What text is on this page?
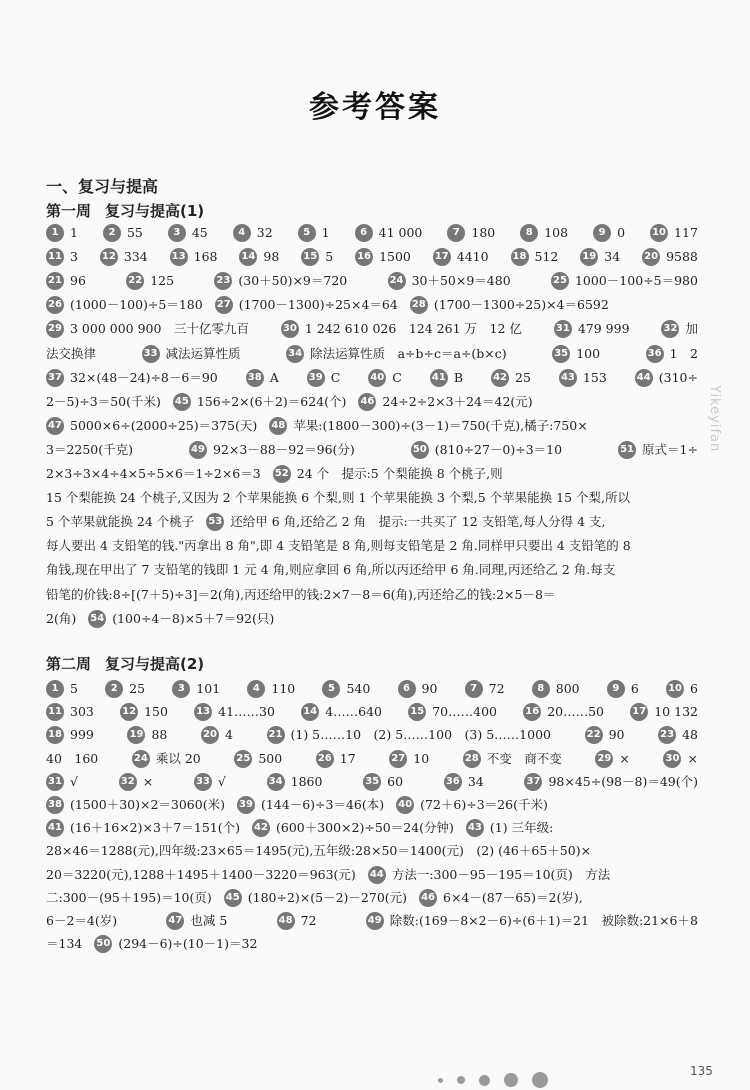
参考答案
一、复习与提高
第一周 复习与提高(1)
1 1	2 55	3 45	4 32	5 1	6 41 000	7 180	8 108	9 0	10 117
11 3 12 334 13 168 14 98 15 5 16 1500 17 4410 18 512 19 34 20 9588
21 96	22 125	23 (30＋50)×9＝720	24 30＋50×9＝480	25 1000－100÷5＝980
26 (1000－100)÷5＝180 27 (1700－1300)÷25×4＝64 28 (1700－1300÷25)×4＝6592
29 3 000 000 900　三十亿零九百	30 1 242 610 026　124 261 万　12 亿	31 479 999	32 加
法交换律	33 减法运算性质	34 除法运算性质　a÷b÷c＝a÷(b×c)	35 100	36 1　2
37 32×(48－24)÷8－6＝90	38 A	39 C	40 C	41 B	42 25	43 153	44 (310÷
2－5)÷3＝50(千米) 45 156÷2×(6＋2)＝624(个) 46 24÷2÷2×3＋24＝42(元)
47 5000×6÷(2000÷25)＝375(天) 48 苹果:(1800－300)÷(3－1)＝750(千克),橘子:750×
3＝2250(千克)	49 92×3－88－92＝96(分)	50 (810÷27－0)÷3＝10	51 原式＝1÷
2×3÷3×4÷4×5÷5×6＝1÷2×6＝3 52 24 个　提示:5 个梨能换 8 个桃子,则
15 个梨能换 24 个桃子,又因为 2 个苹果能换 6 个梨,则 1 个苹果能换 3 个梨,5 个苹果能换 15 个梨,所以
5 个苹果就能换 24 个桃子 53 还给甲 6 角,还给乙 2 角　提示:一共买了 12 支铅笔,每人分得 4 支,
每人要出 4 支铅笔的钱."丙拿出 8 角",即 4 支铅笔是 8 角,则每支铅笔是 2 角.同样甲只要出 4 支铅笔的 8
角钱,现在甲出了 7 支铅笔的钱即 1 元 4 角,则应拿回 6 角,所以丙还给甲 6 角.同理,丙还给乙 2 角.每支
铅笔的价钱:8÷[(7＋5)÷3]＝2(角),丙还给甲的钱:2×7－8＝6(角),丙还给乙的钱:2×5－8＝
2(角) 54 (100÷4－8)×5＋7＝92(只)
第二周 复习与提高(2)
1 5	2 25	3 101	4 110	5 540	6 90	7 72	8 800	9 6	10 6
11 303	12 150	13 41……30	14 4……640	15 70……400	16 20……50	17 10 132
18 999	19 88	20 4	21 (1) 5……10　(2) 5……100　(3) 5……1000	22 90	23 48
40　160	24 乘以 20	25 500	26 17	27 10	28 不变　商不变	29 ×	30 ×
31 √	32 ×	33 √	34 1860	35 60	36 34	37 98×45÷(98－8)＝49(个)
38 (1500＋30)×2＝3060(米) 39 (144－6)÷3＝46(本) 40 (72＋6)÷3＝26(千米)
41 (16＋16×2)×3＋7＝151(个) 42 (600＋300×2)÷50＝24(分钟) 43 (1) 三年级:
28×46＝1288(元),四年级:23×65＝1495(元),五年级:28×50＝1400(元)　(2) (46＋65＋50)×
20＝3220(元),1288＋1495＋1400－3220＝963(元) 44 方法一:300－95－195＝10(页)　方法
二:300－(95＋195)＝10(页) 45 (180÷2)×(5－2)－270(元) 46 6×4－(87－65)＝2(岁),
6－2＝4(岁)	47 也减 5	48 72	49 除数:(169－8×2－6)÷(6＋1)＝21　被除数:21×6＋8
＝134 50 (294－6)÷(10－1)＝32
Yikeyifan
135
